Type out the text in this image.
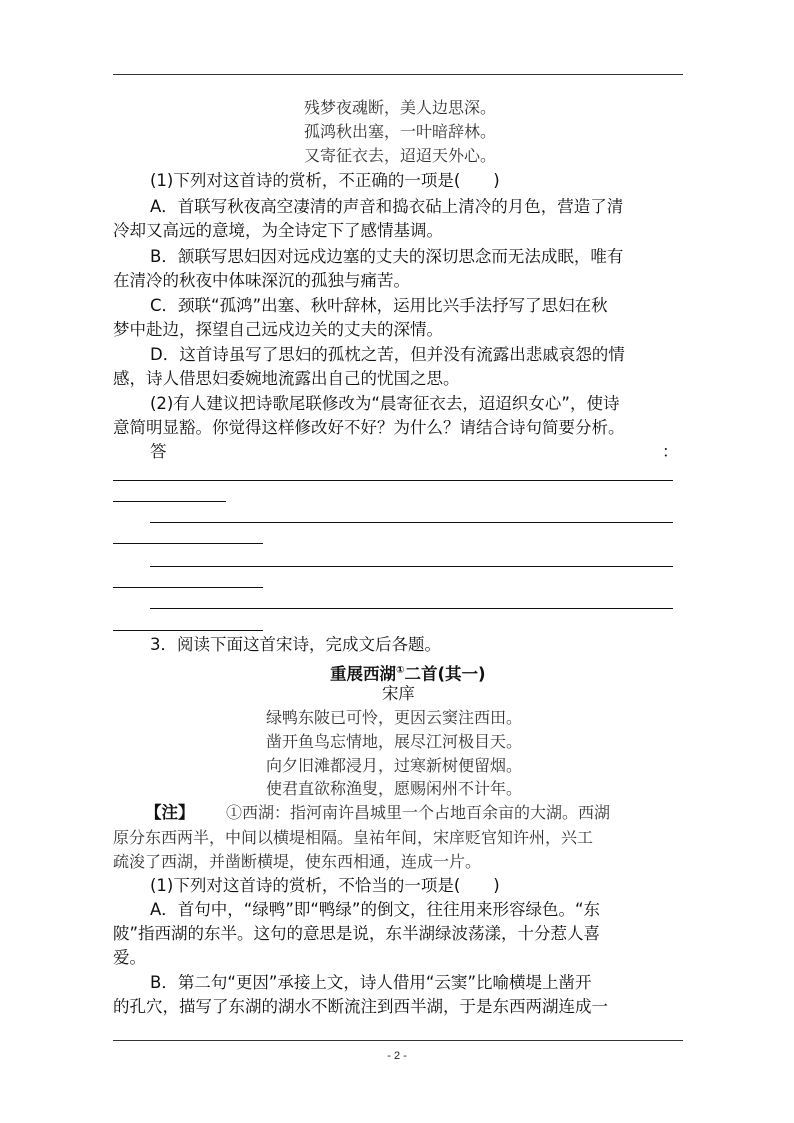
残梦夜魂断，美人边思深。
孤鸿秋出塞，一叶暗辞林。
又寄征衣去，迢迢天外心。
(1)下列对这首诗的赏析，不正确的一项是(　　)
A．首联写秋夜高空凄清的声音和捣衣砧上清冷的月色，营造了清
冷却又高远的意境，为全诗定下了感情基调。
B．颔联写思妇因对远戍边塞的丈夫的深切思念而无法成眠，唯有
在清冷的秋夜中体味深沉的孤独与痛苦。
C．颈联“孤鸿”出塞、秋叶辞林，运用比兴手法抒写了思妇在秋
梦中赴边，探望自己远戍边关的丈夫的深情。
D．这首诗虽写了思妇的孤枕之苦，但并没有流露出悲戚哀怨的情
感，诗人借思妇委婉地流露出自己的忧国之思。
(2)有人建议把诗歌尾联修改为“晨寄征衣去，迢迢织女心”，使诗
意简明显豁。你觉得这样修改好不好？为什么？请结合诗句简要分析。
答	：
3．阅读下面这首宋诗，完成文后各题。
重展西湖①二首(其一)
宋庠
绿鸭东陂已可怜，更因云窦注西田。
凿开鱼鸟忘情地，展尽江河极目天。
向夕旧滩都浸月，过寒新树便留烟。
使君直欲称渔叟，愿赐闲州不计年。
【注】 ①西湖：指河南许昌城里一个占地百余亩的大湖。西湖
原分东西两半，中间以横堤相隔。皇祐年间，宋庠贬官知许州，兴工
疏浚了西湖，并凿断横堤，使东西相通，连成一片。
(1)下列对这首诗的赏析，不恰当的一项是(　　)
A．首句中，“绿鸭”即“鸭绿”的倒文，往往用来形容绿色。“东
陂”指西湖的东半。这句的意思是说，东半湖绿波荡漾，十分惹人喜
爱。
B．第二句“更因”承接上文，诗人借用“云窦”比喻横堤上凿开
的孔穴，描写了东湖的湖水不断流注到西半湖，于是东西两湖连成一
- 2 -
